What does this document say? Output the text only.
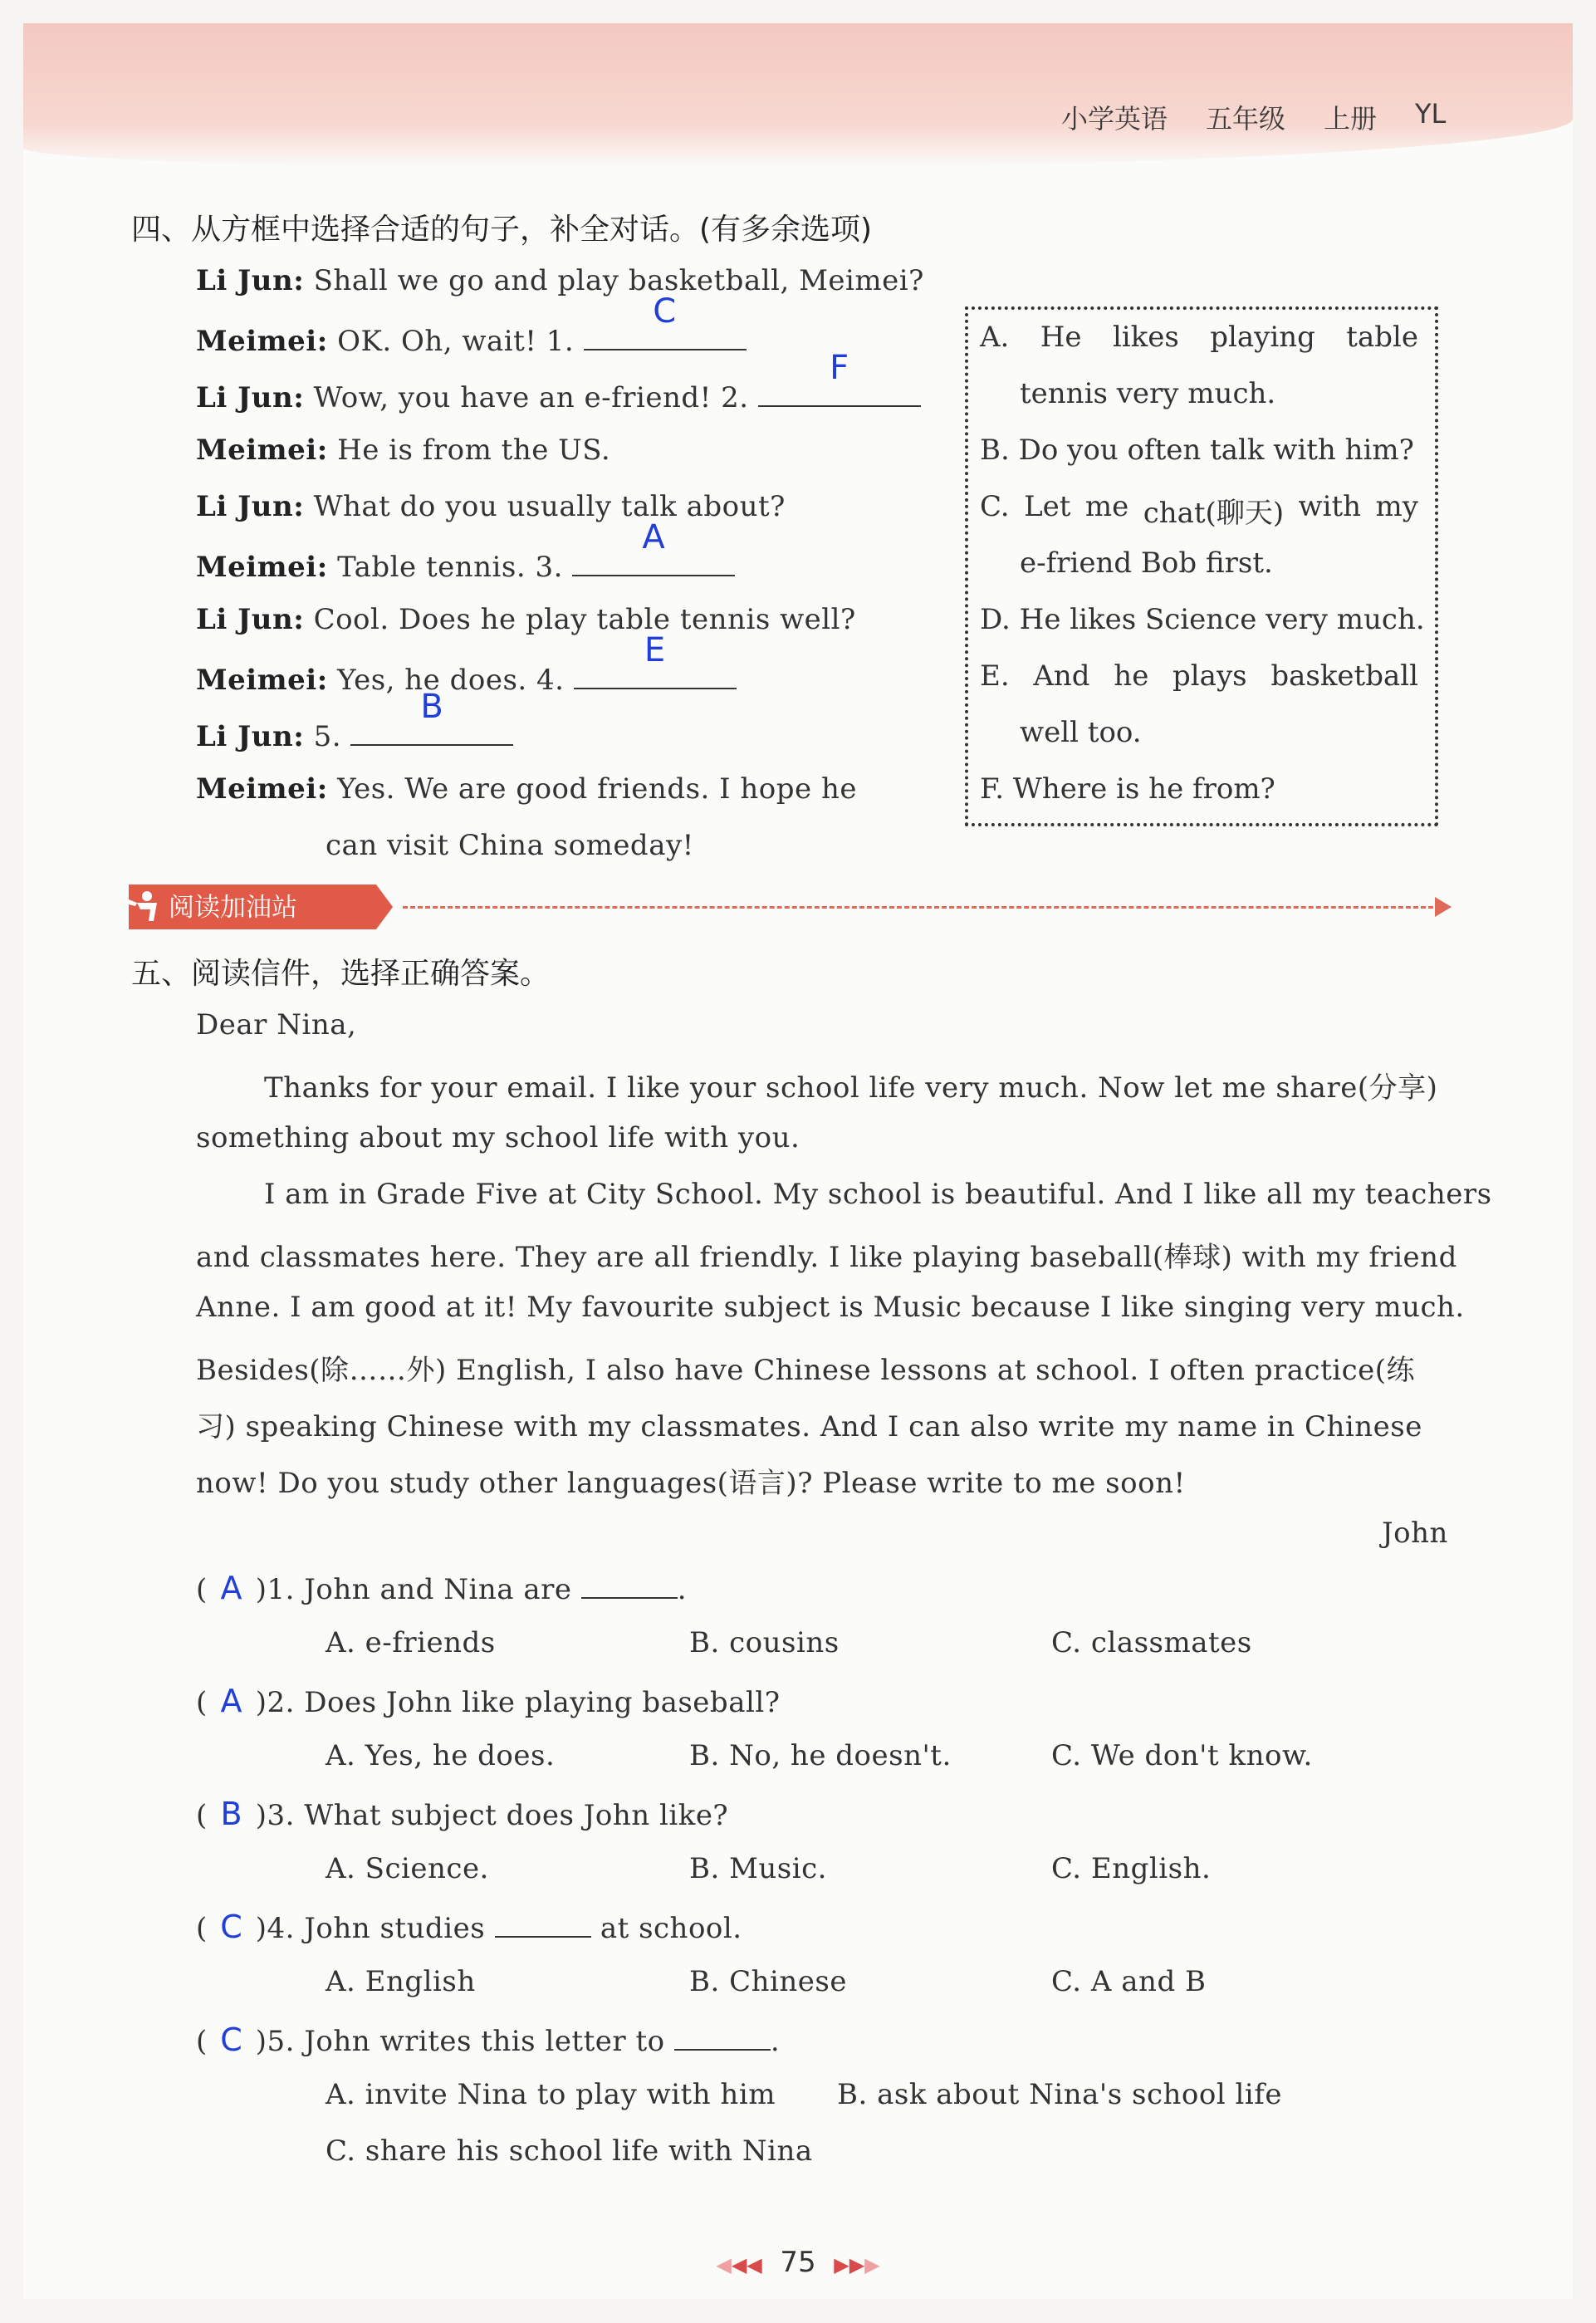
小学英语 五年级 上册 YL
四、从方框中选择合适的句子，补全对话。(有多余选项)
Li Jun: Shall we go and play basketball, Meimei?
Meimei: OK. Oh, wait! 1.
C
Li Jun: Wow, you have an e-friend! 2.
F
Meimei: He is from the US.
Li Jun: What do you usually talk about?
Meimei: Table tennis. 3.
A
Li Jun: Cool. Does he play table tennis well?
Meimei: Yes, he does. 4.
E
Li Jun: 5.
B
Meimei: Yes. We are good friends. I hope he
can visit China someday!
A. He likes playing table
tennis very much.
B. Do you often talk with him?
C. Let me chat(聊天) with my
e-friend Bob first.
D. He likes Science very much.
E. And he plays basketball
well too.
F. Where is he from?
阅读加油站
五、阅读信件，选择正确答案。
Dear Nina,
Thanks for your email. I like your school life very much. Now let me share(分享)
something about my school life with you.
I am in Grade Five at City School. My school is beautiful. And I like all my teachers
and classmates here. They are all friendly. I like playing baseball(棒球) with my friend
Anne. I am good at it! My favourite subject is Music because I like singing very much.
Besides(除……外) English, I also have Chinese lessons at school. I often practice(练
习) speaking Chinese with my classmates. And I can also write my name in Chinese
now! Do you study other languages(语言)? Please write to me soon!
John
( A )1. John and Nina are	.
A. e-friends	B. cousins	C. classmates
( A )2. Does John like playing baseball?
A. Yes, he does.	B. No, he doesn't.	C. We don't know.
( B )3. What subject does John like?
A. Science.	B. Music.	C. English.
( C )4. John studies	at school.
A. English	B. Chinese	C. A and B
( C )5. John writes this letter to	.
A. invite Nina to play with him B. ask about Nina's school life
C. share his school life with Nina
◀◀◀ 75 ▶▶▶
